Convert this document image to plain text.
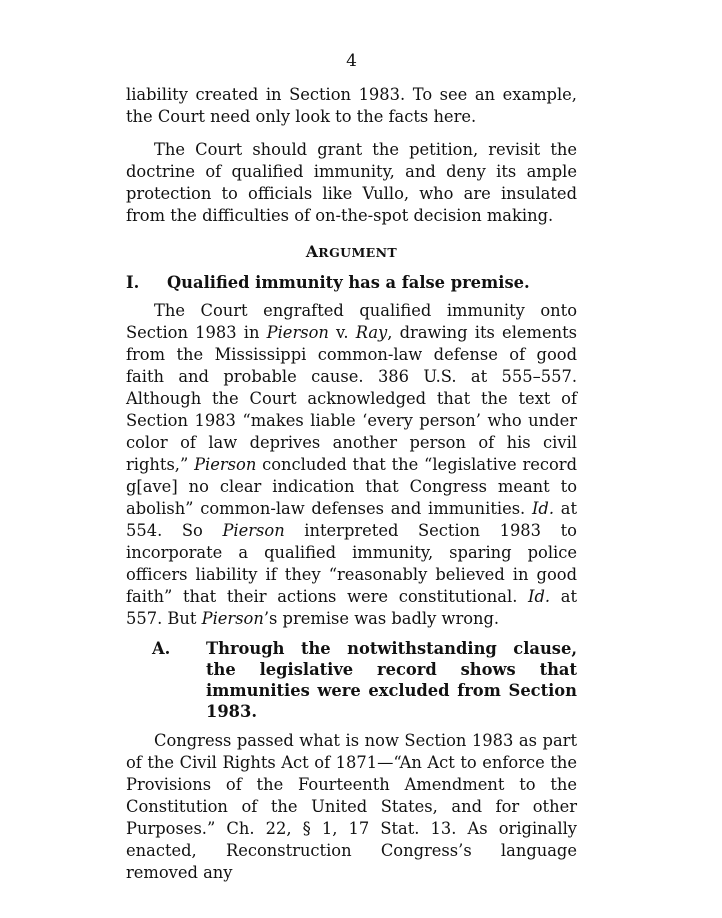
4

liability created in Section 1983. To see an example, the Court need only look to the facts here.

The Court should grant the petition, revisit the doctrine of qualified immunity, and deny its ample protection to officials like Vullo, who are insulated from the difficulties of on-the-spot decision making.

ARGUMENT
I.	Qualified immunity has a false premise.

The Court engrafted qualified immunity onto Section 1983 in Pierson v. Ray, drawing its elements from the Mississippi common-law defense of good faith and probable cause. 386 U.S. at 555–557. Although the Court acknowledged that the text of Section 1983 “makes liable ‘every person’ who under color of law deprives another person of his civil rights,” Pierson concluded that the “legislative record g[ave] no clear indication that Congress meant to abolish” common-law defenses and immunities. Id. at 554. So Pierson interpreted Section 1983 to incorporate a qualified immunity, sparing police officers liability if they “reasonably believed in good faith” that their actions were constitutional. Id. at 557. But Pierson’s premise was badly wrong.

A.	Through the notwithstanding clause, the legislative record shows that immunities were excluded from Section 1983.

Congress passed what is now Section 1983 as part of the Civil Rights Act of 1871—“An Act to enforce the Provisions of the Fourteenth Amendment to the Constitution of the United States, and for other Purposes.” Ch. 22, § 1, 17 Stat. 13. As originally enacted, Reconstruction Congress’s language removed any
